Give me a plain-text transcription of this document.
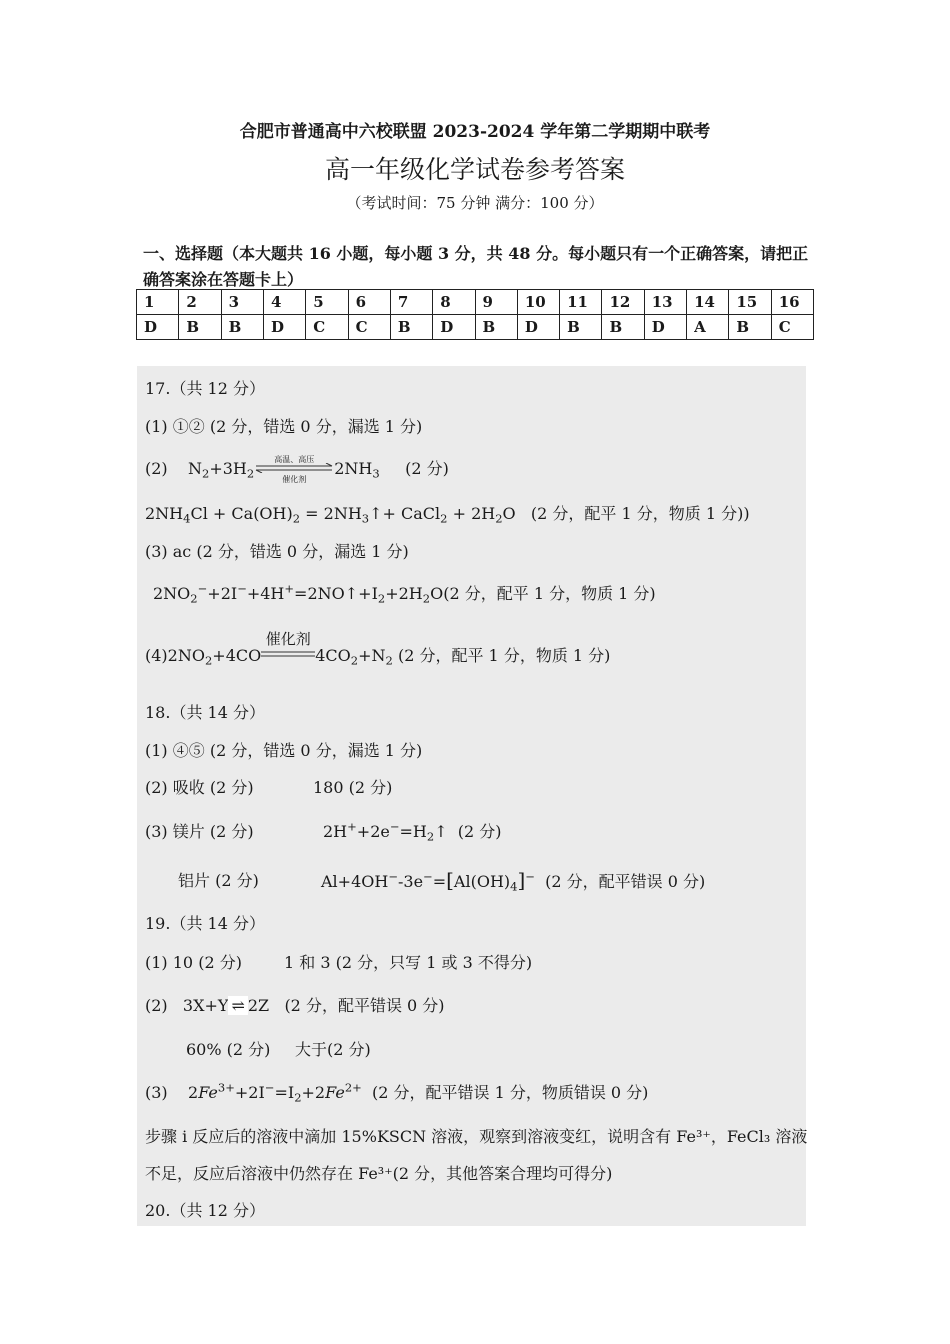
合肥市普通高中六校联盟 2023-2024 学年第二学期期中联考
高一年级化学试卷参考答案
（考试时间：75 分钟 满分：100 分）
一、选择题（本大题共 16 小题，每小题 3 分，共 48 分。每小题只有一个正确答案，请把正确答案涂在答题卡上）
1	2	3	4	5	6	7	8	9	10	11	12	13	14	15	16
D	B	B	D	C	C	B	D	B	D	B	B	D	A	B	C
17.（共 12 分）
(1) ①② (2 分，错选 0 分，漏选 1 分)
(2)    $N_2+3H_2$
高温、高压
催化剂
$2NH_3$ (2 分)
$2NH_4Cl + Ca(OH)_2$ = $2NH_3↑+$ CaCl$_2$ + $2H_2O$   (2 分，配平 1 分，物质 1 分))
(3) ac (2 分，错选 0 分，漏选 1 分)
$2NO_2^-+2I^-+4H^+=2NO↑+I_2+2H_2O(2$ 分，配平 1 分，物质 1 分)
$(4)2NO_2+4CO$
催化剂
$4CO_2+N_2$ (2 分，配平 1 分，物质 1 分)
18.（共 14 分）
(1) ④⑤ (2 分，错选 0 分，漏选 1 分)
(2) 吸收 (2 分)	180 (2 分)
(3) 镁片 (2 分)	$2H^++2e^-=H_2↑$  (2 分)
铝片 (2 分)	$Al+4OH^--3e^-=[Al(OH)_4]^-$ (2 分，配平错误 0 分)
19.（共 14 分）
(1) 10 (2 分)	1 和 3 (2 分，只写 1 或 3 不得分)
(2)   3X+Y ⇌ 2Z   (2 分，配平错误 0 分)
60% (2 分) 大于(2 分)
(3)    $2Fe^{3+}+2I^-=I_2+2Fe^{2+}$ (2 分，配平错误 1 分，物质错误 0 分)
步骤 i 反应后的溶液中滴加 15%KSCN 溶液，观察到溶液变红，说明含有 Fe³⁺，FeCl₃ 溶液
不足，反应后溶液中仍然存在 Fe³⁺(2 分，其他答案合理均可得分)
20.（共 12 分）
